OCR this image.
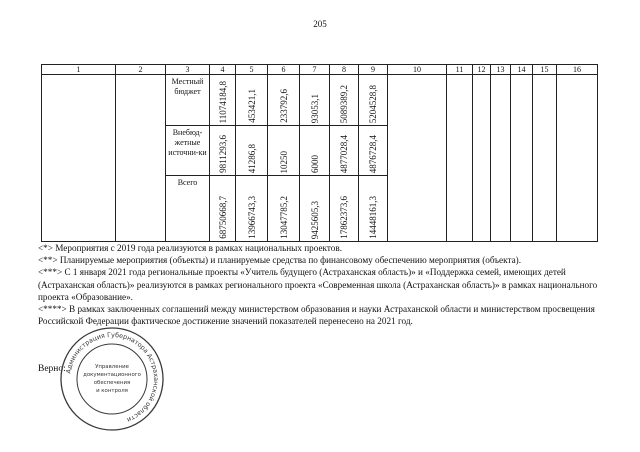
205
1	2	3	4	5	6	7	8	9	10	11	12	13	14	15	16
		Местный бюджет	11074184,8	453421,1	233792,6	93053,1	5089389,2	5204528,8							

		Внебюд-жетные источни-ки	9811293,6	41286,8	10250	6000	4877028,4	4876728,4							

		Всего	68750668,7	13966743,3	13047785,2	9425605,3	17862373,6	14448161,3							

<*> Мероприятия с 2019 года реализуются в рамках национальных проектов.

<**> Планируемые мероприятия (объекты) и планируемые средства по финансовому обеспечению мероприятия (объекта).

<***> С 1 января 2021 года региональные проекты «Учитель будущего (Астраханская область)» и «Поддержка семей, имеющих детей (Астраханская область)» реализуются в рамках регионального проекта «Современная школа (Астраханская область)» в рамках национального проекта «Образование».

<****> В рамках заключенных соглашений между министерством образования и науки Астраханской области и министерством просвещения Российской Федерации фактическое достижение значений показателей перенесено на 2021 год.

Верно:
Администрация Губернатора Астраханской области
Управление
документационного
обеспечения
и контроля
